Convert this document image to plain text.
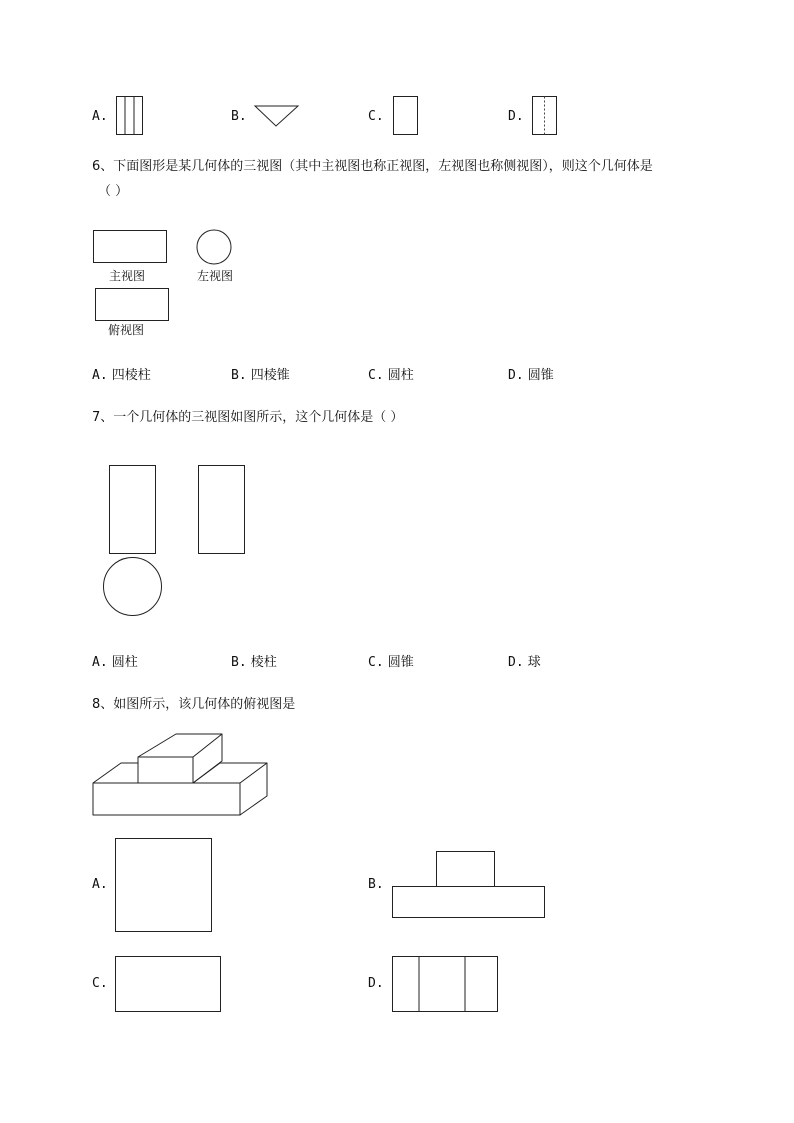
A.	B.	C.	D.
6、下面图形是某几何体的三视图（其中主视图也称正视图，左视图也称侧视图），则这个几何体是
（ ）
主视图	左视图
俯视图
A. 四棱柱	B. 四棱锥	C. 圆柱	D. 圆锥
7、一个几何体的三视图如图所示，这个几何体是（ ）
A. 圆柱	B. 棱柱	C. 圆锥	D. 球
8、如图所示，该几何体的俯视图是
A.	B.
C.	D.
